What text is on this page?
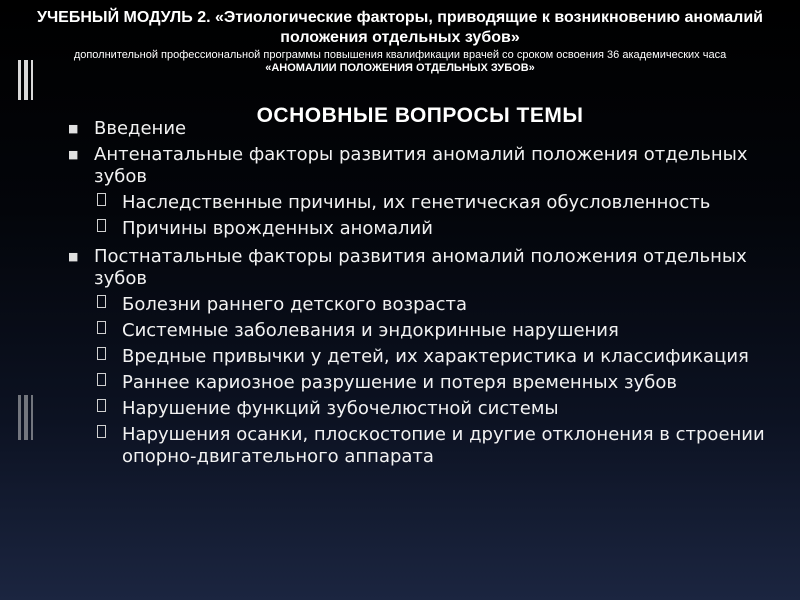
УЧЕБНЫЙ МОДУЛЬ 2. «Этиологические факторы, приводящие к возникновению аномалий положения отдельных зубов»
дополнительной профессиональной программы повышения квалификации врачей со сроком освоения 36 академических часа
«АНОМАЛИИ ПОЛОЖЕНИЯ ОТДЕЛЬНЫХ ЗУБОВ»
ОСНОВНЫЕ ВОПРОСЫ ТЕМЫ
■ Введение
■ Антенатальные факторы развития аномалий положения отдельных зубов
Наследственные причины, их генетическая обусловленность
Причины врожденных аномалий
■ Постнатальные факторы развития аномалий положения отдельных зубов
Болезни раннего детского возраста
Системные заболевания и эндокринные нарушения
Вредные привычки у детей, их характеристика и классификация
Раннее кариозное разрушение и потеря временных зубов
Нарушение функций зубочелюстной системы
Нарушения осанки, плоскостопие и другие отклонения в строении опорно-двигательного аппарата
